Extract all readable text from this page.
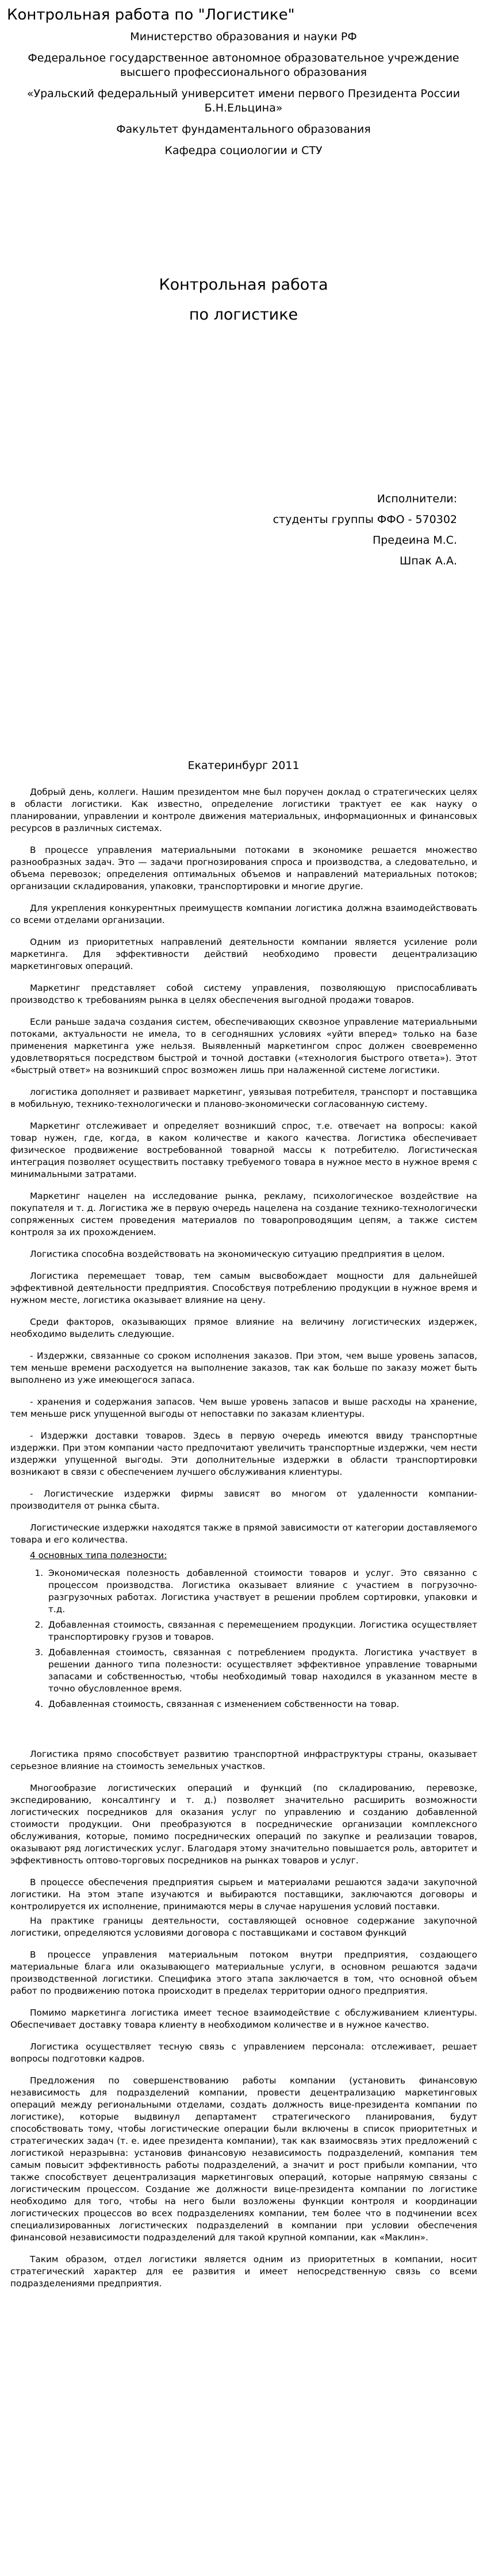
Контрольная работа по "Логистике"

Министерство образования и науки РФ

Федеральное государственное автономное образовательное учреждение высшего профессионального образования

«Уральский федеральный университет имени первого Президента России Б.Н.Ельцина»

Факультет фундаментального образования

Кафедра социологии и СТУ

Контрольная работа
по логистике
Исполнители:
студенты группы ФФО - 570302
Предеина М.С.
Шпак А.А.
Екатеринбург 2011

Добрый день, коллеги. Нашим президентом мне был поручен доклад о стратегических целях в области логистики. Как известно, определение логистики трактует ее как науку о планировании, управлении и контроле движения материальных, информационных и финансовых ресурсов в различных системах.

В процессе управления материальными потоками в экономике решается множество разнообразных задач. Это — задачи прогнозирования спроса и производства, а следовательно, и объема перевозок; определения оптимальных объемов и направлений материальных потоков; организации складирования, упаковки, транспортировки и многие другие.

Для укрепления конкурентных преимуществ компании логистика должна взаимодействовать со всеми отделами организации.

Одним из приоритетных направлений деятельности компании является усиление роли маркетинга. Для эффективности действий необходимо провести децентрализацию маркетинговых операций.

Маркетинг представляет собой систему управления, позволяющую приспосабливать производство к требованиям рынка в целях обеспечения выгодной продажи товаров.

Если раньше задача создания систем, обеспечивающих сквозное управление материальными потоками, актуальности не имела, то в сегодняшних условиях «уйти вперед» только на базе применения маркетинга уже нельзя. Выявленный маркетингом спрос должен своевременно удовлетворяться посредством быстрой и точной доставки («технология быстрого ответа»). Этот «быстрый ответ» на возникший спрос возможен лишь при налаженной системе логистики.

логистика дополняет и развивает маркетинг, увязывая потребителя, транспорт и поставщика в мобильную, технико-технологически и планово-экономически согласованную систему.

Маркетинг отслеживает и определяет возникший спрос, т.е. отвечает на вопросы: какой товар нужен, где, когда, в каком количестве и какого качества. Логистика обеспечивает физическое продвижение востребованной товарной массы к потребителю. Логистическая интеграция позволяет осуществить поставку требуемого товара в нужное место в нужное время с минимальными затратами.

Маркетинг нацелен на исследование рынка, рекламу, психологическое воздействие на покупателя и т. д. Логистика же в первую очередь нацелена на создание технико-технологически сопряженных систем проведения материалов по товаропроводящим цепям, а также систем контроля за их прохождением.

Логистика способна воздействовать на экономическую ситуацию предприятия в целом.

Логистика перемещает товар, тем самым высвобождает мощности для дальнейшей эффективной деятельности предприятия. Способствуя потреблению продукции в нужное время и нужном месте, логистика оказывает влияние на цену.

Среди факторов, оказывающих прямое влияние на величину логистических издержек, необходимо выделить следующие.

- Издержки, связанные со сроком исполнения заказов. При этом, чем выше уровень запасов, тем меньше времени расходуется на выполнение заказов, так как больше по заказу может быть выполнено из уже имеющегося запаса.

- хранения и содержания запасов. Чем выше уровень запасов и выше расходы на хранение, тем меньше риск упущенной выгоды от непоставки по заказам клиентуры.

- Издержки доставки товаров. Здесь в первую очередь имеются ввиду транспортные издержки. При этом компании часто предпочитают увеличить транспортные издержки, чем нести издержки упущенной выгоды. Эти дополнительные издержки в области транспортировки возникают в связи с обеспечением лучшего обслуживания клиентуры.

- Логистические издержки фирмы зависят во многом от удаленности компании-производителя от рынка сбыта.

Логистические издержки находятся также в прямой зависимости от категории доставляемого товара и его количества.

4 основных типа полезности:
1. Экономическая полезность добавленной стоимости товаров и услуг. Это связанно с процессом производства. Логистика оказывает влияние с участием в погрузочно-разгрузочных работах. Логистика участвует в решении проблем сортировки, упаковки и т.д.
2. Добавленная стоимость, связанная с перемещением продукции. Логистика осуществляет транспортировку грузов и товаров.
3. Добавленная стоимость, связанная с потреблением продукта. Логистика участвует в решении данного типа полезности: осуществляет эффективное управление товарными запасами и собственностью, чтобы необходимый товар находился в указанном месте в точно обусловленное время.
4. Добавленная стоимость, связанная с изменением собственности на товар.

Логистика прямо способствует развитию транспортной инфраструктуры страны, оказывает серьезное влияние на стоимость земельных участков.

Многообразие логистических операций и функций (по складированию, перевозке, экспедированию, консалтингу и т. д.) позволяет значительно расширить возможности логистических посредников для оказания услуг по управлению и созданию добавленной стоимости продукции. Они преобразуются в посреднические организации комплексного обслуживания, которые, помимо посреднических операций по закупке и реализации товаров, оказывают ряд логистических услуг. Благодаря этому значительно повышается роль, авторитет и эффективность оптово-торговых посредников на рынках товаров и услуг.

В процессе обеспечения предприятия сырьем и материалами решаются задачи закупочной логистики. На этом этапе изучаются и выбираются поставщики, заключаются договоры и контролируется их исполнение, принимаются меры в случае нарушения условий поставки.

На практике границы деятельности, составляющей основное содержание закупочной логистики, определяются условиями договора с поставщиками и составом функций

В процессе управления материальным потоком внутри предприятия, создающего материальные блага или оказывающего материальные услуги, в основном решаются задачи производственной логистики. Специфика этого этапа заключается в том, что основной объем работ по продвижению потока происходит в пределах территории одного предприятия.

Помимо маркетинга логистика имеет тесное взаимодействие с обслуживанием клиентуры. Обеспечивает доставку товара клиенту в необходимом количестве и в нужное качество.

Логистика осуществляет тесную связь с управлением персонала: отслеживает, решает вопросы подготовки кадров.

Предложения по совершенствованию работы компании (установить финансовую независимость для подразделений компании, провести децентрализацию маркетинговых операций между региональными отделами, создать должность вице-президента компании по логистике), которые выдвинул департамент стратегического планирования, будут способствовать тому, чтобы логистические операции были включены в список приоритетных и стратегических задач (т. е. идее президента компании), так как взаимосвязь этих предложений с логистикой неразрывна: установив финансовую независимость подразделений, компания тем самым повысит эффективность работы подразделений, а значит и рост прибыли компании, что также способствует децентрализация маркетинговых операций, которые напрямую связаны с логистическим процессом. Создание же должности вице-президента компании по логистике необходимо для того, чтобы на него были возложены функции контроля и координации логистических процессов во всех подразделениях компании, тем более что в подчинении всех специализированных логистических подразделений в компании при условии обеспечения финансовой независимости подразделений для такой крупной компании, как «Маклин».

Таким образом, отдел логистики является одним из приоритетных в компании, носит стратегический характер для ее развития и имеет непосредственную связь со всеми подразделениями предприятия.
